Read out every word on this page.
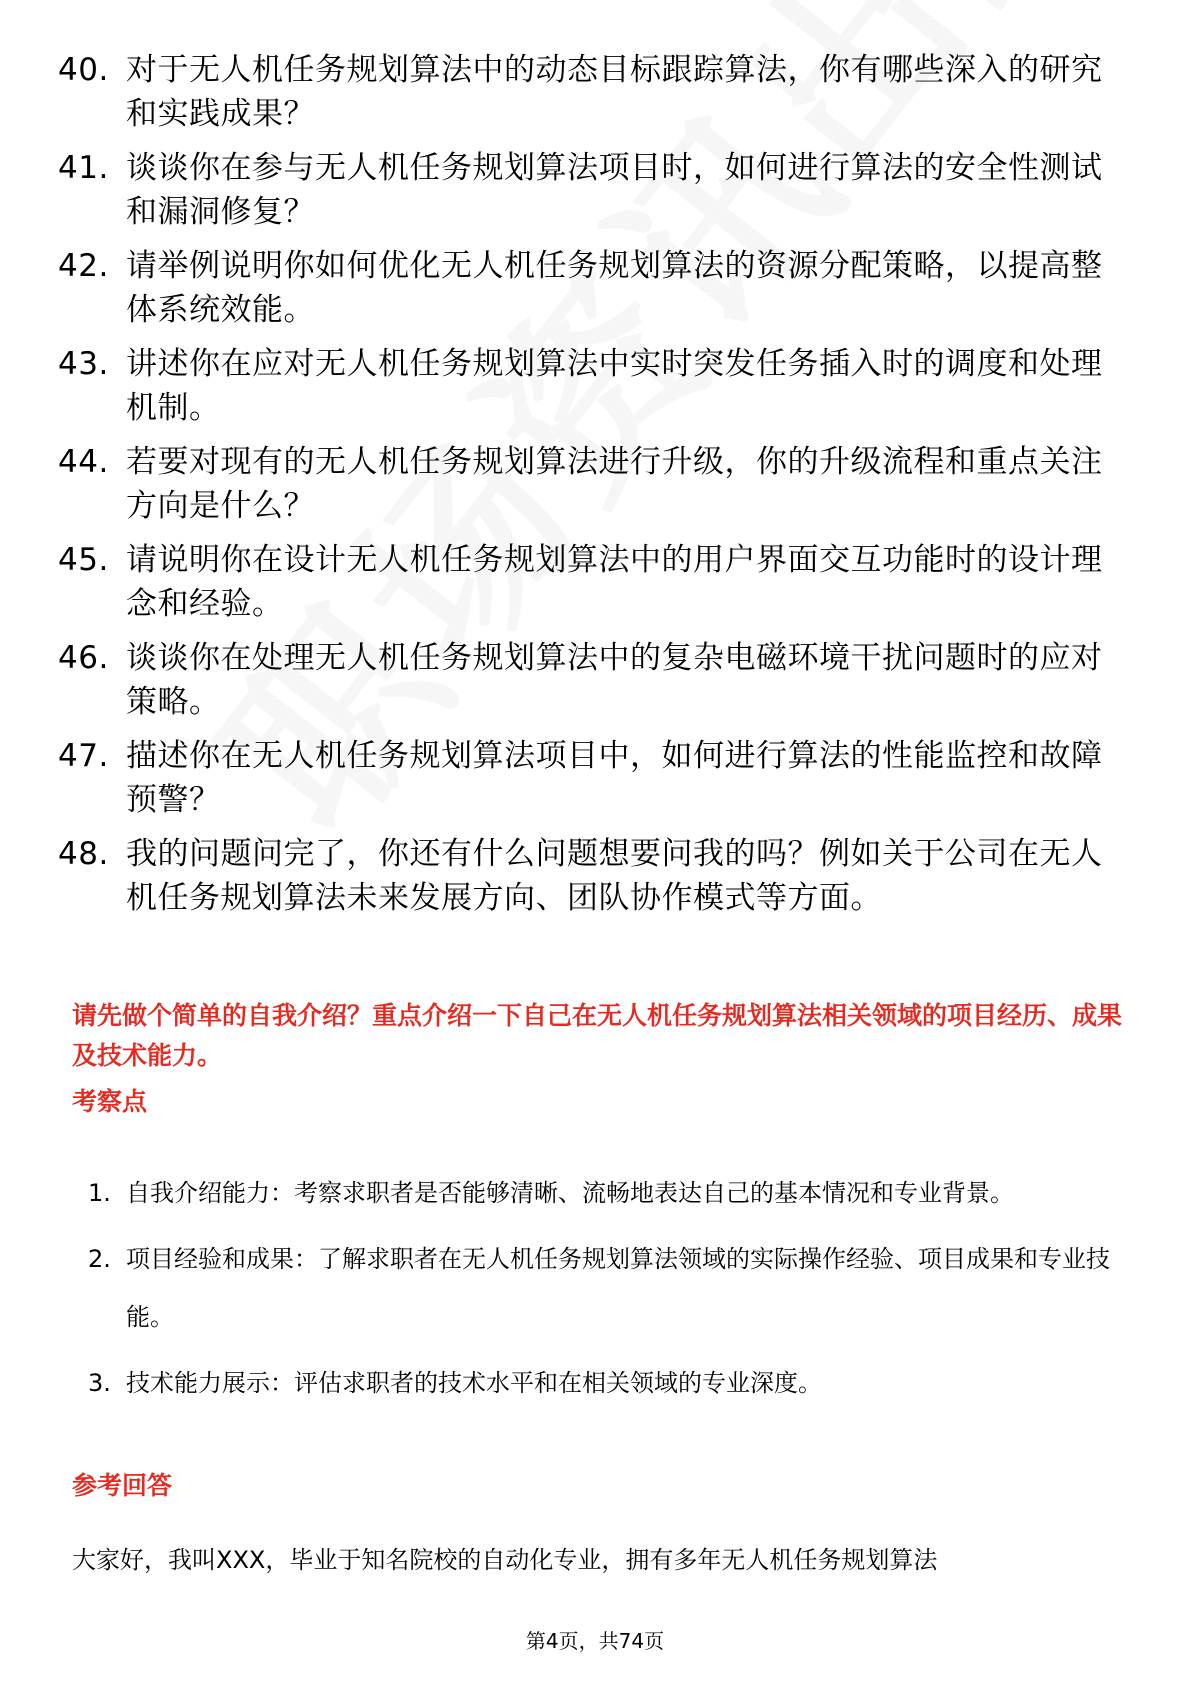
40. 对于无人机任务规划算法中的动态目标跟踪算法，你有哪些深入的研究和实践成果？
41. 谈谈你在参与无人机任务规划算法项目时，如何进行算法的安全性测试和漏洞修复？
42. 请举例说明你如何优化无人机任务规划算法的资源分配策略，以提高整体系统效能。
43. 讲述你在应对无人机任务规划算法中实时突发任务插入时的调度和处理机制。
44. 若要对现有的无人机任务规划算法进行升级，你的升级流程和重点关注方向是什么？
45. 请说明你在设计无人机任务规划算法中的用户界面交互功能时的设计理念和经验。
46. 谈谈你在处理无人机任务规划算法中的复杂电磁环境干扰问题时的应对策略。
47. 描述你在无人机任务规划算法项目中，如何进行算法的性能监控和故障预警？
48. 我的问题问完了，你还有什么问题想要问我的吗？例如关于公司在无人机任务规划算法未来发展方向、团队协作模式等方面。
请先做个简单的自我介绍？重点介绍一下自己在无人机任务规划算法相关领域的项目经历、成果及技术能力。
考察点
1. 自我介绍能力：考察求职者是否能够清晰、流畅地表达自己的基本情况和专业背景。
2. 项目经验和成果：了解求职者在无人机任务规划算法领域的实际操作经验、项目成果和专业技能。
3. 技术能力展示：评估求职者的技术水平和在相关领域的专业深度。
参考回答
大家好，我叫XXX，毕业于知名院校的自动化专业，拥有多年无人机任务规划算法
第4页，共74页
